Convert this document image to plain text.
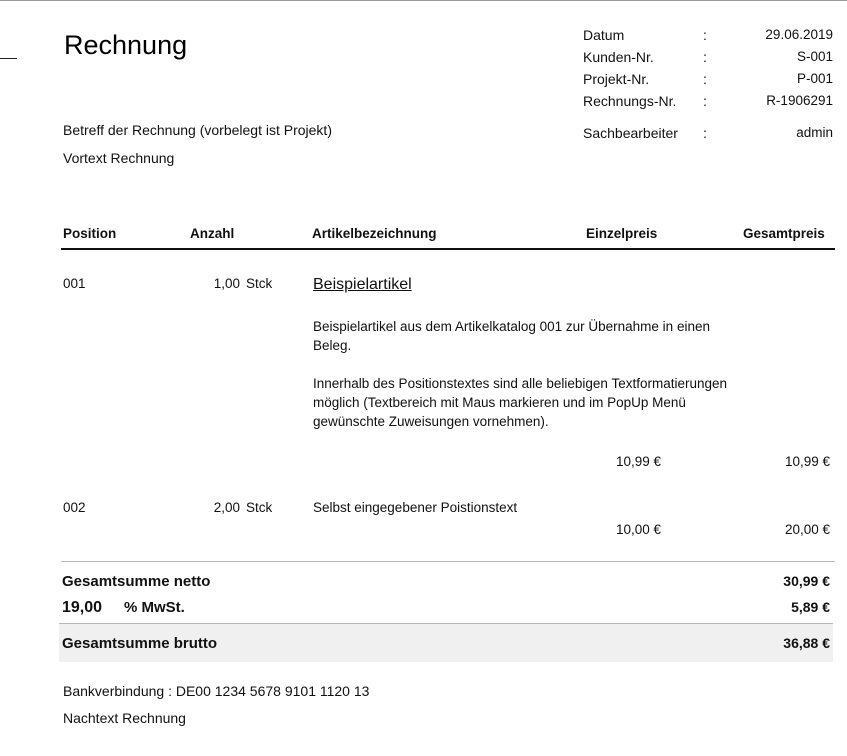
Rechnung	Datum	:	29.06.2019
Kunden-Nr.	:	S-001
Projekt-Nr.	:	P-001
Rechnungs-Nr.	:	R-1906291
Sachbearbeiter	:	admin
Betreff der Rechnung (vorbelegt ist Projekt)
Vortext Rechnung
Position	Anzahl	Artikelbezeichnung	Einzelpreis	Gesamtpreis
001	1,00 Stck	Beispielartikel
Beispielartikel aus dem Artikelkatalog 001 zur Übernahme in einen Beleg.
Innerhalb des Positionstextes sind alle beliebigen Textformatierungen möglich (Textbereich mit Maus markieren und im PopUp Menü gewünschte Zuweisungen vornehmen).
10,99 €	10,99 €
002	2,00 Stck	Selbst eingegebener Poistionstext
10,00 €	20,00 €
Gesamtsumme netto	30,99 €
19,00 % MwSt.	5,89 €
Gesamtsumme brutto	36,88 €
Bankverbindung : DE00 1234 5678 9101 1120 13
Nachtext Rechnung
